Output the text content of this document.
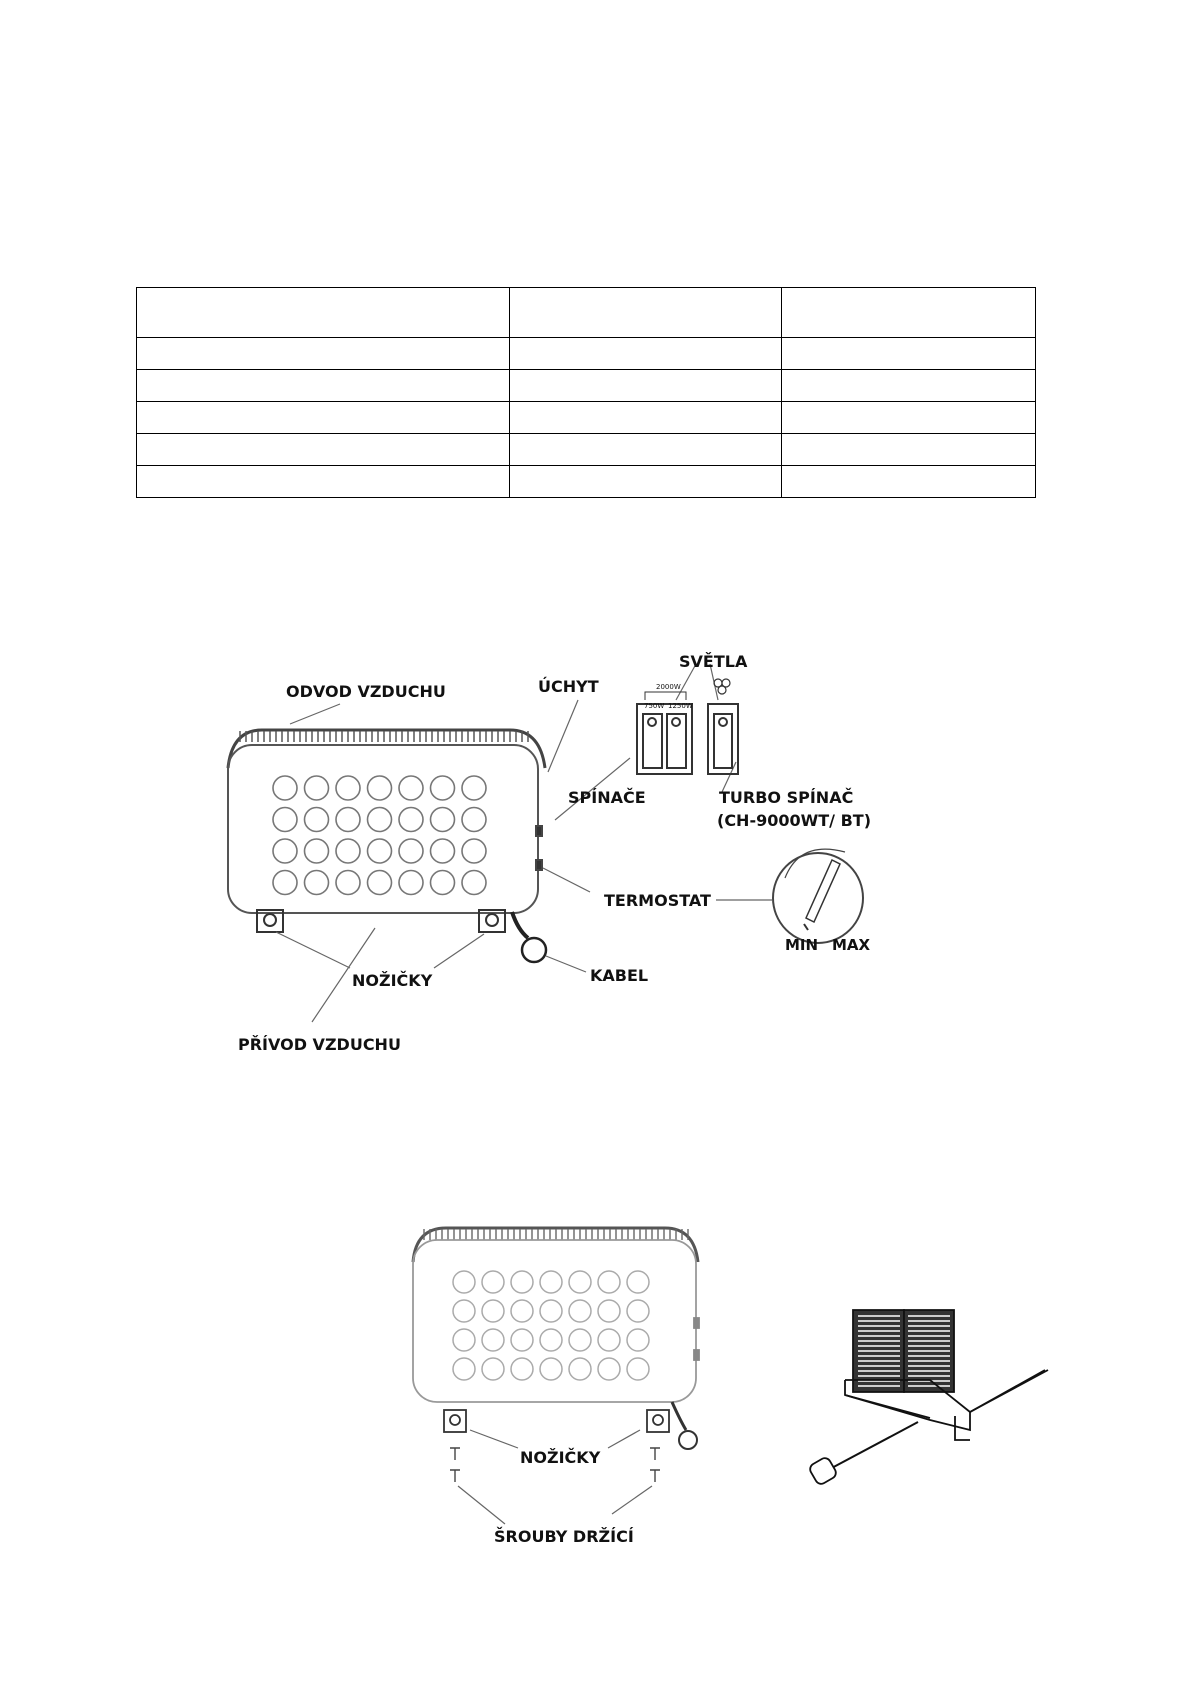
ODVOD VZDUCHU	ÚCHYT
SVĚTLA
SPÍNAČE	TURBO SPÍNAČ
(CH-9000WT/ BT)
TERMOSTAT
NOŽIČKY	KABEL
PŘÍVOD VZDUCHU
MIN MAX
2000W
750W 1250W
NOŽIČKY
ŠROUBY DRŽÍCÍ
